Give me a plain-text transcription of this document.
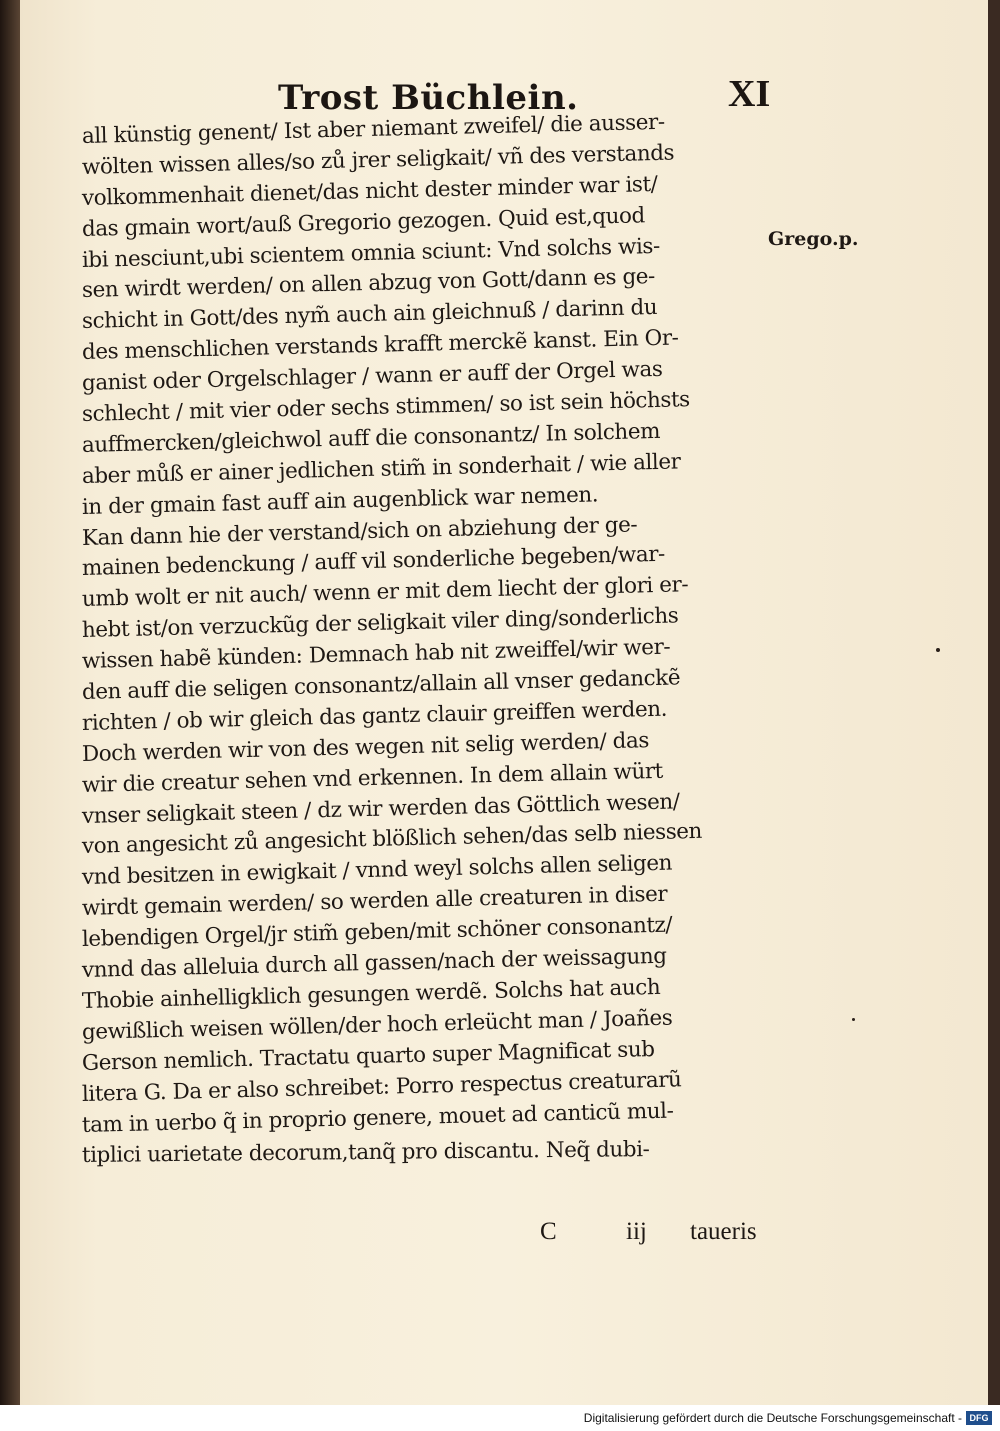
Trost Büchlein.	XI
Grego.p.
all künstig genent/ Ist aber niemant zweifel/ die ausser-
wölten wissen alles/so zů jrer seligkait/ vñ des verstands
volkommenhait dienet/das nicht dester minder war ist/
das gmain wort/auß Gregorio gezogen. Quid est,quod
ibi nesciunt,ubi scientem omnia sciunt: Vnd solchs wis-
sen wirdt werden/ on allen abzug von Gott/dann es ge-
schicht in Gott/des nym̃ auch ain gleichnuß / darinn du
des menschlichen verstands krafft merckẽ kanst. Ein Or-
ganist oder Orgelschlager / wann er auff der Orgel was
schlecht / mit vier oder sechs stimmen/ so ist sein höchsts
auffmercken/gleichwol auff die consonantz/ In solchem
aber můß er ainer jedlichen stim̃ in sonderhait / wie aller
in der gmain fast auff ain augenblick war nemen.
Kan dann hie der verstand/sich on abziehung der ge-
mainen bedenckung / auff vil sonderliche begeben/war-
umb wolt er nit auch/ wenn er mit dem liecht der glori er-
hebt ist/on verzuckũg der seligkait viler ding/sonderlichs
wissen habẽ künden: Demnach hab nit zweiffel/wir wer-
den auff die seligen consonantz/allain all vnser gedanckẽ
richten / ob wir gleich das gantz clauir greiffen werden.
Doch werden wir von des wegen nit selig werden/ das
wir die creatur sehen vnd erkennen. In dem allain würt
vnser seligkait steen / dz wir werden das Göttlich wesen/
von angesicht zů angesicht blößlich sehen/das selb niessen
vnd besitzen in ewigkait / vnnd weyl solchs allen seligen
wirdt gemain werden/ so werden alle creaturen in diser
lebendigen Orgel/jr stim̃ geben/mit schöner consonantz/
vnnd das alleluia durch all gassen/nach der weissagung
Thobie ainhelligklich gesungen werdẽ. Solchs hat auch
gewißlich weisen wöllen/der hoch erleücht man / Joañes
Gerson nemlich. Tractatu quarto super Magnificat sub
litera G. Da er also schreibet: Porro respectus creaturarũ
tam in uerbo q̃ in proprio genere, mouet ad canticũ mul-
tiplici uarietate decorum,tanq̃ pro discantu. Neq̃ dubi-
C	iij taueris
Digitalisierung gefördert durch die Deutsche Forschungsgemeinschaft - DFG
